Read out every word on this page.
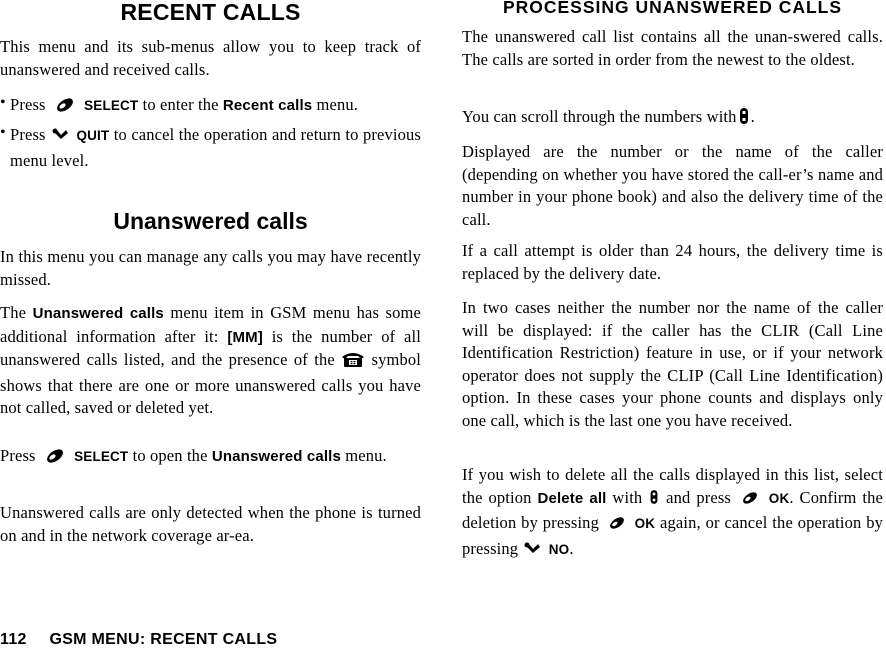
RECENT CALLS

This menu and its sub-menus allow you to keep track of unanswered and received calls.

• Press	SELECT to enter the Recent calls menu.

• Press QUIT to cancel the operation and return to previous menu level.

Unanswered calls

In this menu you can manage any calls you may have recently missed.

The Unanswered calls menu item in GSM menu has some additional information after it: [MM] is the number of all unanswered calls listed, and the presence of the symbol shows that there are one or more unanswered calls you have not called, saved or deleted yet.

Press	SELECT to open the Unanswered calls menu.

Unanswered calls are only detected when the phone is turned on and in the network coverage ar-ea.

PROCESSING UNANSWERED CALLS

The unanswered call list contains all the unan-swered calls. The calls are sorted in order from the newest to the oldest.

You can scroll through the numbers with .

Displayed are the number or the name of the caller (depending on whether you have stored the call-er’s name and number in your phone book) and also the delivery time of the call.

If a call attempt is older than 24 hours, the delivery time is replaced by the delivery date.

In two cases neither the number nor the name of the caller will be displayed: if the caller has the CLIR (Call Line Identification Restriction) feature in use, or if your network operator does not supply the CLIP (Call Line Identification) option. In these cases your phone counts and displays only one call, which is the last one you have received.

If you wish to delete all the calls displayed in this list, select the option Delete all with and press	OK. Confirm the deletion by pressing	OK again, or cancel the operation by pressing NO.

112 GSM MENU: RECENT CALLS
